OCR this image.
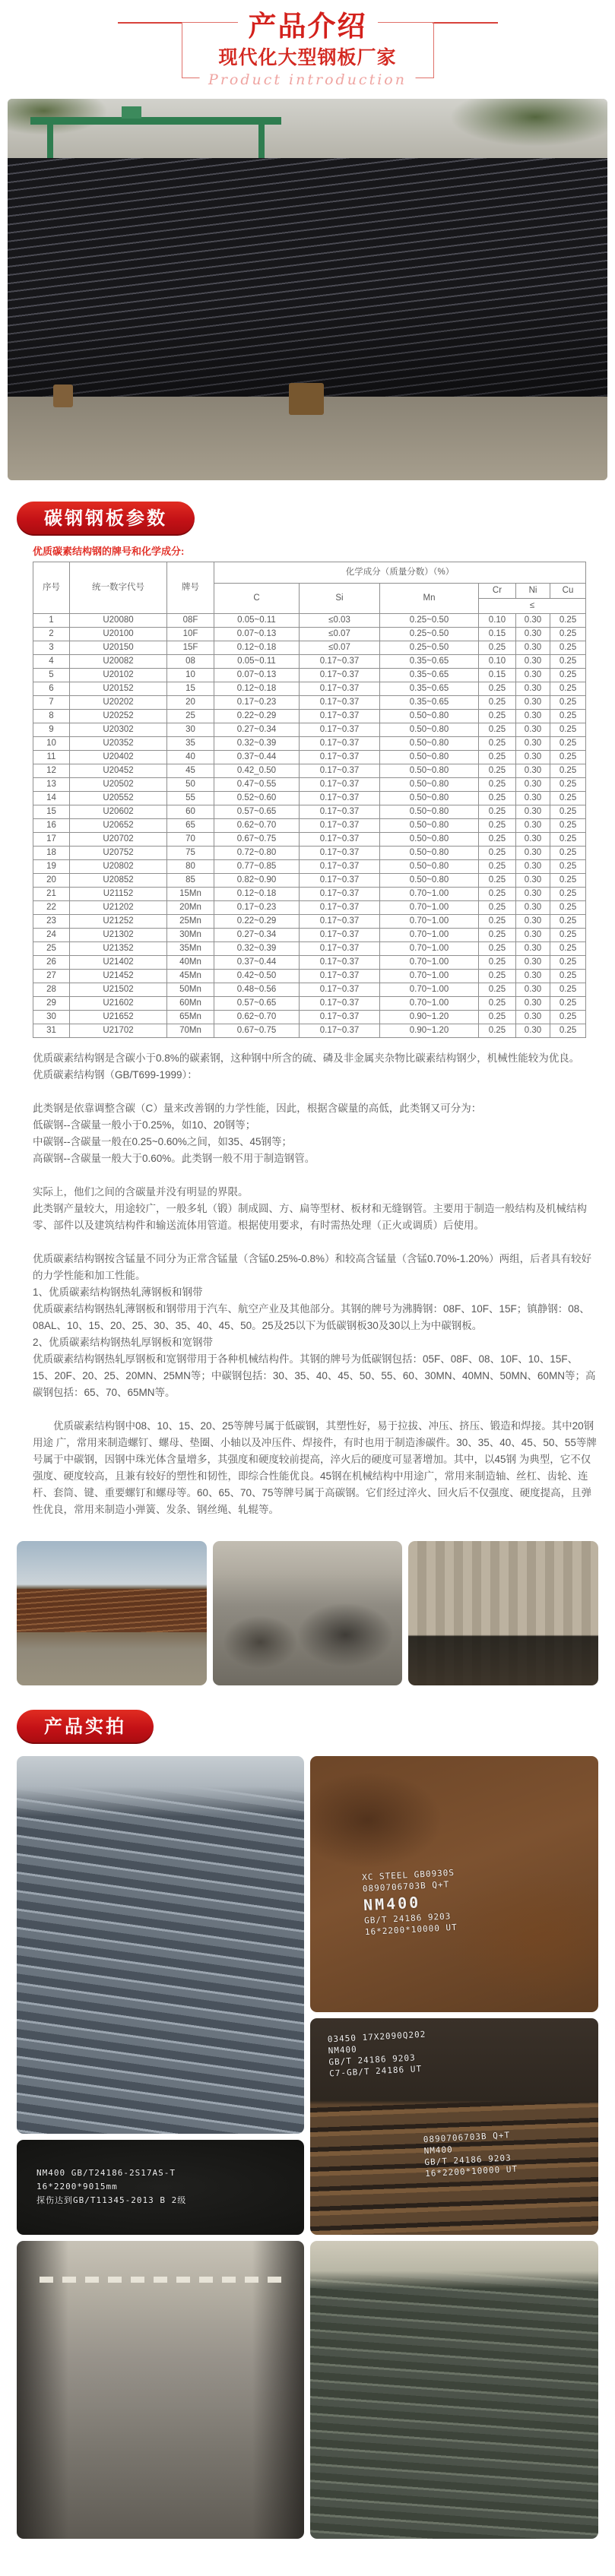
产品介绍
现代化大型钢板厂家
Product introduction
碳钢钢板参数
优质碳素结构钢的牌号和化学成分:
序号	统一数字代号	牌号	化学成分（质量分数）（%）					
			C	Si	Mn	Cr	Ni	Cu
						≤		
1	U20080	08F	0.05~0.11	≤0.03	0.25~0.50	0.10	0.30	0.25
2	U20100	10F	0.07~0.13	≤0.07	0.25~0.50	0.15	0.30	0.25
3	U20150	15F	0.12~0.18	≤0.07	0.25~0.50	0.25	0.30	0.25
4	U20082	08	0.05~0.11	0.17~0.37	0.35~0.65	0.10	0.30	0.25
5	U20102	10	0.07~0.13	0.17~0.37	0.35~0.65	0.15	0.30	0.25
6	U20152	15	0.12~0.18	0.17~0.37	0.35~0.65	0.25	0.30	0.25
7	U20202	20	0.17~0.23	0.17~0.37	0.35~0.65	0.25	0.30	0.25
8	U20252	25	0.22~0.29	0.17~0.37	0.50~0.80	0.25	0.30	0.25
9	U20302	30	0.27~0.34	0.17~0.37	0.50~0.80	0.25	0.30	0.25
10	U20352	35	0.32~0.39	0.17~0.37	0.50~0.80	0.25	0.30	0.25
11	U20402	40	0.37~0.44	0.17~0.37	0.50~0.80	0.25	0.30	0.25
12	U20452	45	0.42_0.50	0.17~0.37	0.50~0.80	0.25	0.30	0.25
13	U20502	50	0.47~0.55	0.17~0.37	0.50~0.80	0.25	0.30	0.25
14	U20552	55	0.52~0.60	0.17~0.37	0.50~0.80	0.25	0.30	0.25
15	U20602	60	0.57~0.65	0.17~0.37	0.50~0.80	0.25	0.30	0.25
16	U20652	65	0.62~0.70	0.17~0.37	0.50~0.80	0.25	0.30	0.25
17	U20702	70	0.67~0.75	0.17~0.37	0.50~0.80	0.25	0.30	0.25
18	U20752	75	0.72~0.80	0.17~0.37	0.50~0.80	0.25	0.30	0.25
19	U20802	80	0.77~0.85	0.17~0.37	0.50~0.80	0.25	0.30	0.25
20	U20852	85	0.82~0.90	0.17~0.37	0.50~0.80	0.25	0.30	0.25
21	U21152	15Mn	0.12~0.18	0.17~0.37	0.70~1.00	0.25	0.30	0.25
22	U21202	20Mn	0.17~0.23	0.17~0.37	0.70~1.00	0.25	0.30	0.25
23	U21252	25Mn	0.22~0.29	0.17~0.37	0.70~1.00	0.25	0.30	0.25
24	U21302	30Mn	0.27~0.34	0.17~0.37	0.70~1.00	0.25	0.30	0.25
25	U21352	35Mn	0.32~0.39	0.17~0.37	0.70~1.00	0.25	0.30	0.25
26	U21402	40Mn	0.37~0.44	0.17~0.37	0.70~1.00	0.25	0.30	0.25
27	U21452	45Mn	0.42~0.50	0.17~0.37	0.70~1.00	0.25	0.30	0.25
28	U21502	50Mn	0.48~0.56	0.17~0.37	0.70~1.00	0.25	0.30	0.25
29	U21602	60Mn	0.57~0.65	0.17~0.37	0.70~1.00	0.25	0.30	0.25
30	U21652	65Mn	0.62~0.70	0.17~0.37	0.90~1.20	0.25	0.30	0.25
31	U21702	70Mn	0.67~0.75	0.17~0.37	0.90~1.20	0.25	0.30	0.25

优质碳素结构钢是含碳小于0.8%的碳素钢，这种钢中所含的硫、磷及非金属夹杂物比碳素结构钢少，机械性能较为优良。

优质碳素结构钢（GB/T699-1999）：

此类钢是依靠调整含碳（C）量来改善钢的力学性能，因此，根据含碳量的高低，此类钢又可分为：

低碳钢--含碳量一般小于0.25%，如10、20钢等；

中碳钢--含碳量一般在0.25~0.60%之间，如35、45钢等；

高碳钢--含碳量一般大于0.60%。此类钢一般不用于制造钢管。

实际上，他们之间的含碳量并没有明显的界限。

此类钢产量较大，用途较广，一般多轧（锻）制成圆、方、扁等型材、板材和无缝钢管。主要用于制造一般结构及机械结构零、部件以及建筑结构件和输送流体用管道。根据使用要求，有时需热处理（正火或调质）后使用。

优质碳素结构钢按含锰量不同分为正常含锰量（含锰0.25%-0.8%）和较高含锰量（含锰0.70%-1.20%）两组，后者具有较好的力学性能和加工性能。

1、优质碳素结构钢热轧薄钢板和钢带

优质碳素结构钢热轧薄钢板和钢带用于汽车、航空产业及其他部分。其钢的牌号为沸腾钢：08F、10F、15F；镇静钢：08、08AL、10、15、20、25、30、35、40、45、50。25及25以下为低碳钢板30及30以上为中碳钢板。

2、优质碳素结构钢热轧厚钢板和宽钢带

优质碳素结构钢热轧厚钢板和宽钢带用于各种机械结构件。其钢的牌号为低碳钢包括：05F、08F、08、10F、10、15F、15、20F、20、25、20MN、25MN等；中碳钢包括：30、35、40、45、50、55、60、30MN、40MN、50MN、60MN等；高碳钢包括：65、70、65MN等。

　　优质碳素结构钢中08、10、15、20、25等牌号属于低碳钢，其塑性好，易于拉拔、冲压、挤压、锻造和焊接。其中20钢用途 广，常用来制造螺钉、螺母、垫圈、小轴以及冲压件、焊接件，有时也用于制造渗碳件。30、35、40、45、50、55等牌号属于中碳钢，因钢中珠光体含量增多，其强度和硬度较前提高，淬火后的硬度可显著增加。其中，以45钢 为典型，它不仅强度、硬度较高，且兼有较好的塑性和韧性，即综合性能优良。45钢在机械结构中用途广，常用来制造轴、丝杠、齿轮、连杆、套筒、键、重要螺钉和螺母等。60、65、70、75等牌号属于高碳钢。它们经过淬火、回火后不仅强度、硬度提高，且弹性优良，常用来制造小弹簧、发条、钢丝绳、轧辊等。

产品实拍
NM400 GB/T24186-2S17AS-T
16*2200*9015mm
探伤达到GB/T11345-2013 B 2级
XC STEEL GB0930S
0890706703B Q+T
NM400
GB/T 24186 9203
16*2200*10000 UT
03450 17X2090Q202
NM400
GB/T 24186 9203
C7-GB/T 24186 UT
0890706703B Q+T
NM400
GB/T 24186 9203
16*2200*10000 UT
